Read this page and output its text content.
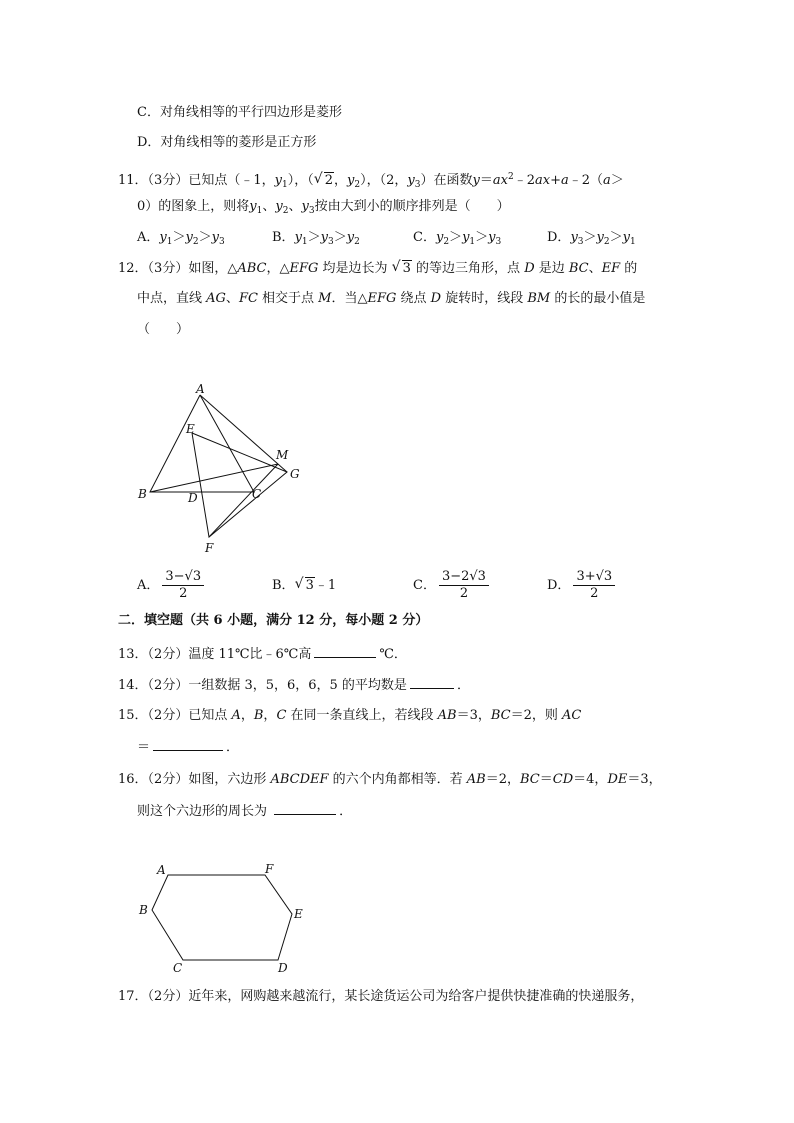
C．对角线相等的平行四边形是菱形
D．对角线相等的菱形是正方形
11．（3分）已知点（﹣1，$y_1$），（ √ 2，$y_2$），（2，$y_3$）在函数$y=ax^2﹣2ax+a﹣2(a>$
0）的图象上，则将$y_1$、$y_2$、$y_3$按由大到小的顺序排列是（　　）
A．$y_1>y_2>y_3$	B．$y_1>y_3>y_2$	C．$y_2>y_1>y_3$	D．$y_3>y_2>y_1$
12．（3分）如图，△ABC，△EFG 均是边长为 √ 3 的等边三角形，点 D 是边 BC、EF 的
中点，直线 AG、FC 相交于点 M．当△EFG 绕点 D 旋转时，线段 BM 的长的最小值是
（　　）
A
E
M
G
B	D	C
F
A． $\frac{3-√3}{2}$	B． √ 3﹣1	C． $\frac{3-2√3}{2}$	D． $\frac{3+√3}{2}$
二．填空题（共 6 小题，满分 12 分，每小题 2 分）
13．（2分）温度 11℃比﹣6℃高	℃．
14．（2分）一组数据 3，5，6，6，5 的平均数是	．
15．（2分）已知点 A，B，C 在同一条直线上，若线段 AB＝3，BC＝2，则 AC
＝	．
16．（2分）如图，六边形 ABCDEF 的六个内角都相等．若 AB＝2，BC＝CD＝4，DE＝3，
则这个六边形的周长为	．
A	F
B	E
C	D
17．（2分）近年来，网购越来越流行，某长途货运公司为给客户提供快捷准确的快递服务，
